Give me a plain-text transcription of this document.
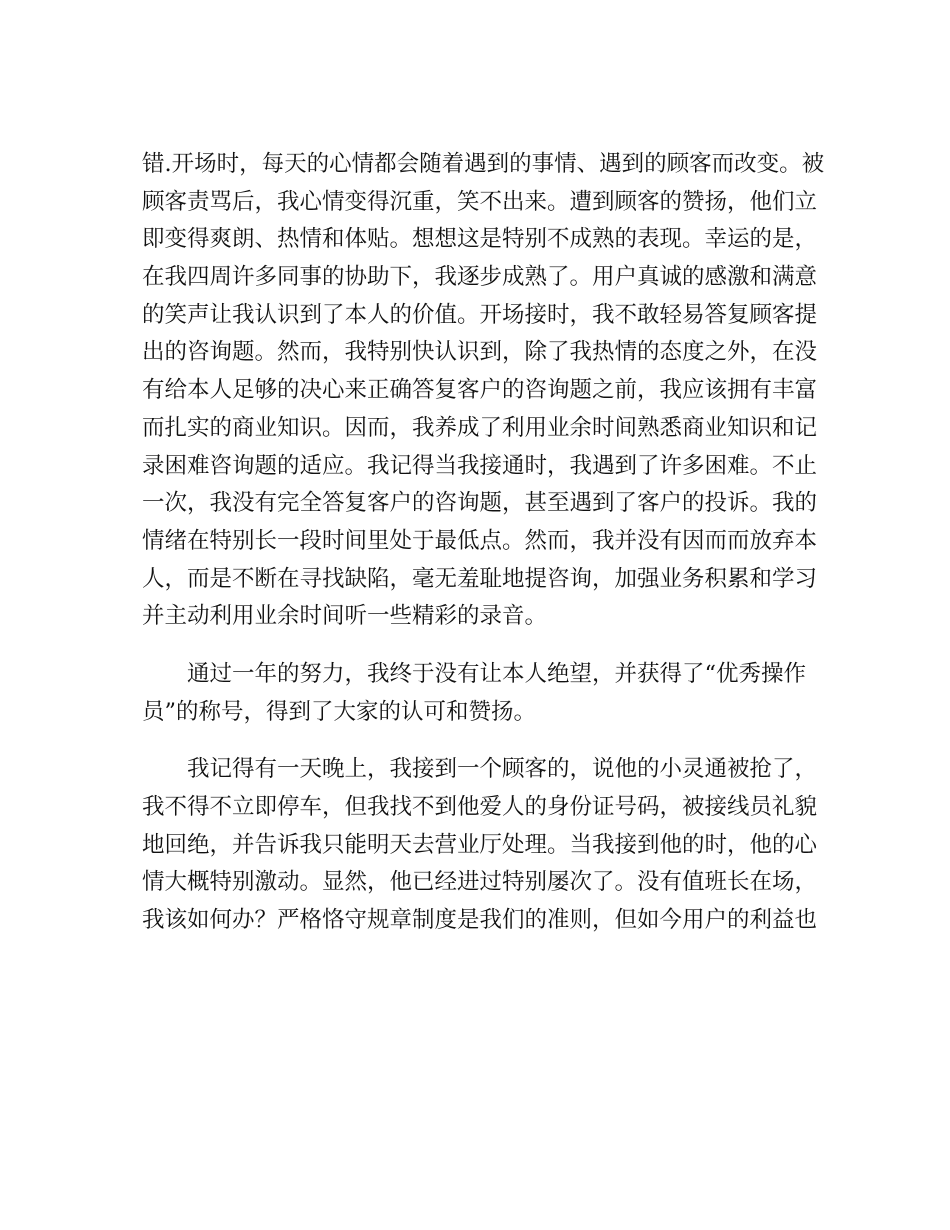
错.开场时，每天的心情都会随着遇到的事情、遇到的顾客而改变。被
顾客责骂后，我心情变得沉重，笑不出来。遭到顾客的赞扬，他们立
即变得爽朗、热情和体贴。想想这是特别不成熟的表现。幸运的是，
在我四周许多同事的协助下，我逐步成熟了。用户真诚的感激和满意
的笑声让我认识到了本人的价值。开场接时，我不敢轻易答复顾客提
出的咨询题。然而，我特别快认识到，除了我热情的态度之外，在没
有给本人足够的决心来正确答复客户的咨询题之前，我应该拥有丰富
而扎实的商业知识。因而，我养成了利用业余时间熟悉商业知识和记
录困难咨询题的适应。我记得当我接通时，我遇到了许多困难。不止
一次，我没有完全答复客户的咨询题，甚至遇到了客户的投诉。我的
情绪在特别长一段时间里处于最低点。然而，我并没有因而而放弃本
人，而是不断在寻找缺陷，毫无羞耻地提咨询，加强业务积累和学习
并主动利用业余时间听一些精彩的录音。
通过一年的努力，我终于没有让本人绝望，并获得了“优秀操作
员”的称号，得到了大家的认可和赞扬。
我记得有一天晚上，我接到一个顾客的，说他的小灵通被抢了，
我不得不立即停车，但我找不到他爱人的身份证号码，被接线员礼貌
地回绝，并告诉我只能明天去营业厅处理。当我接到他的时，他的心
情大概特别激动。显然，他已经进过特别屡次了。没有值班长在场，
我该如何办？严格恪守规章制度是我们的准则，但如今用户的利益也
